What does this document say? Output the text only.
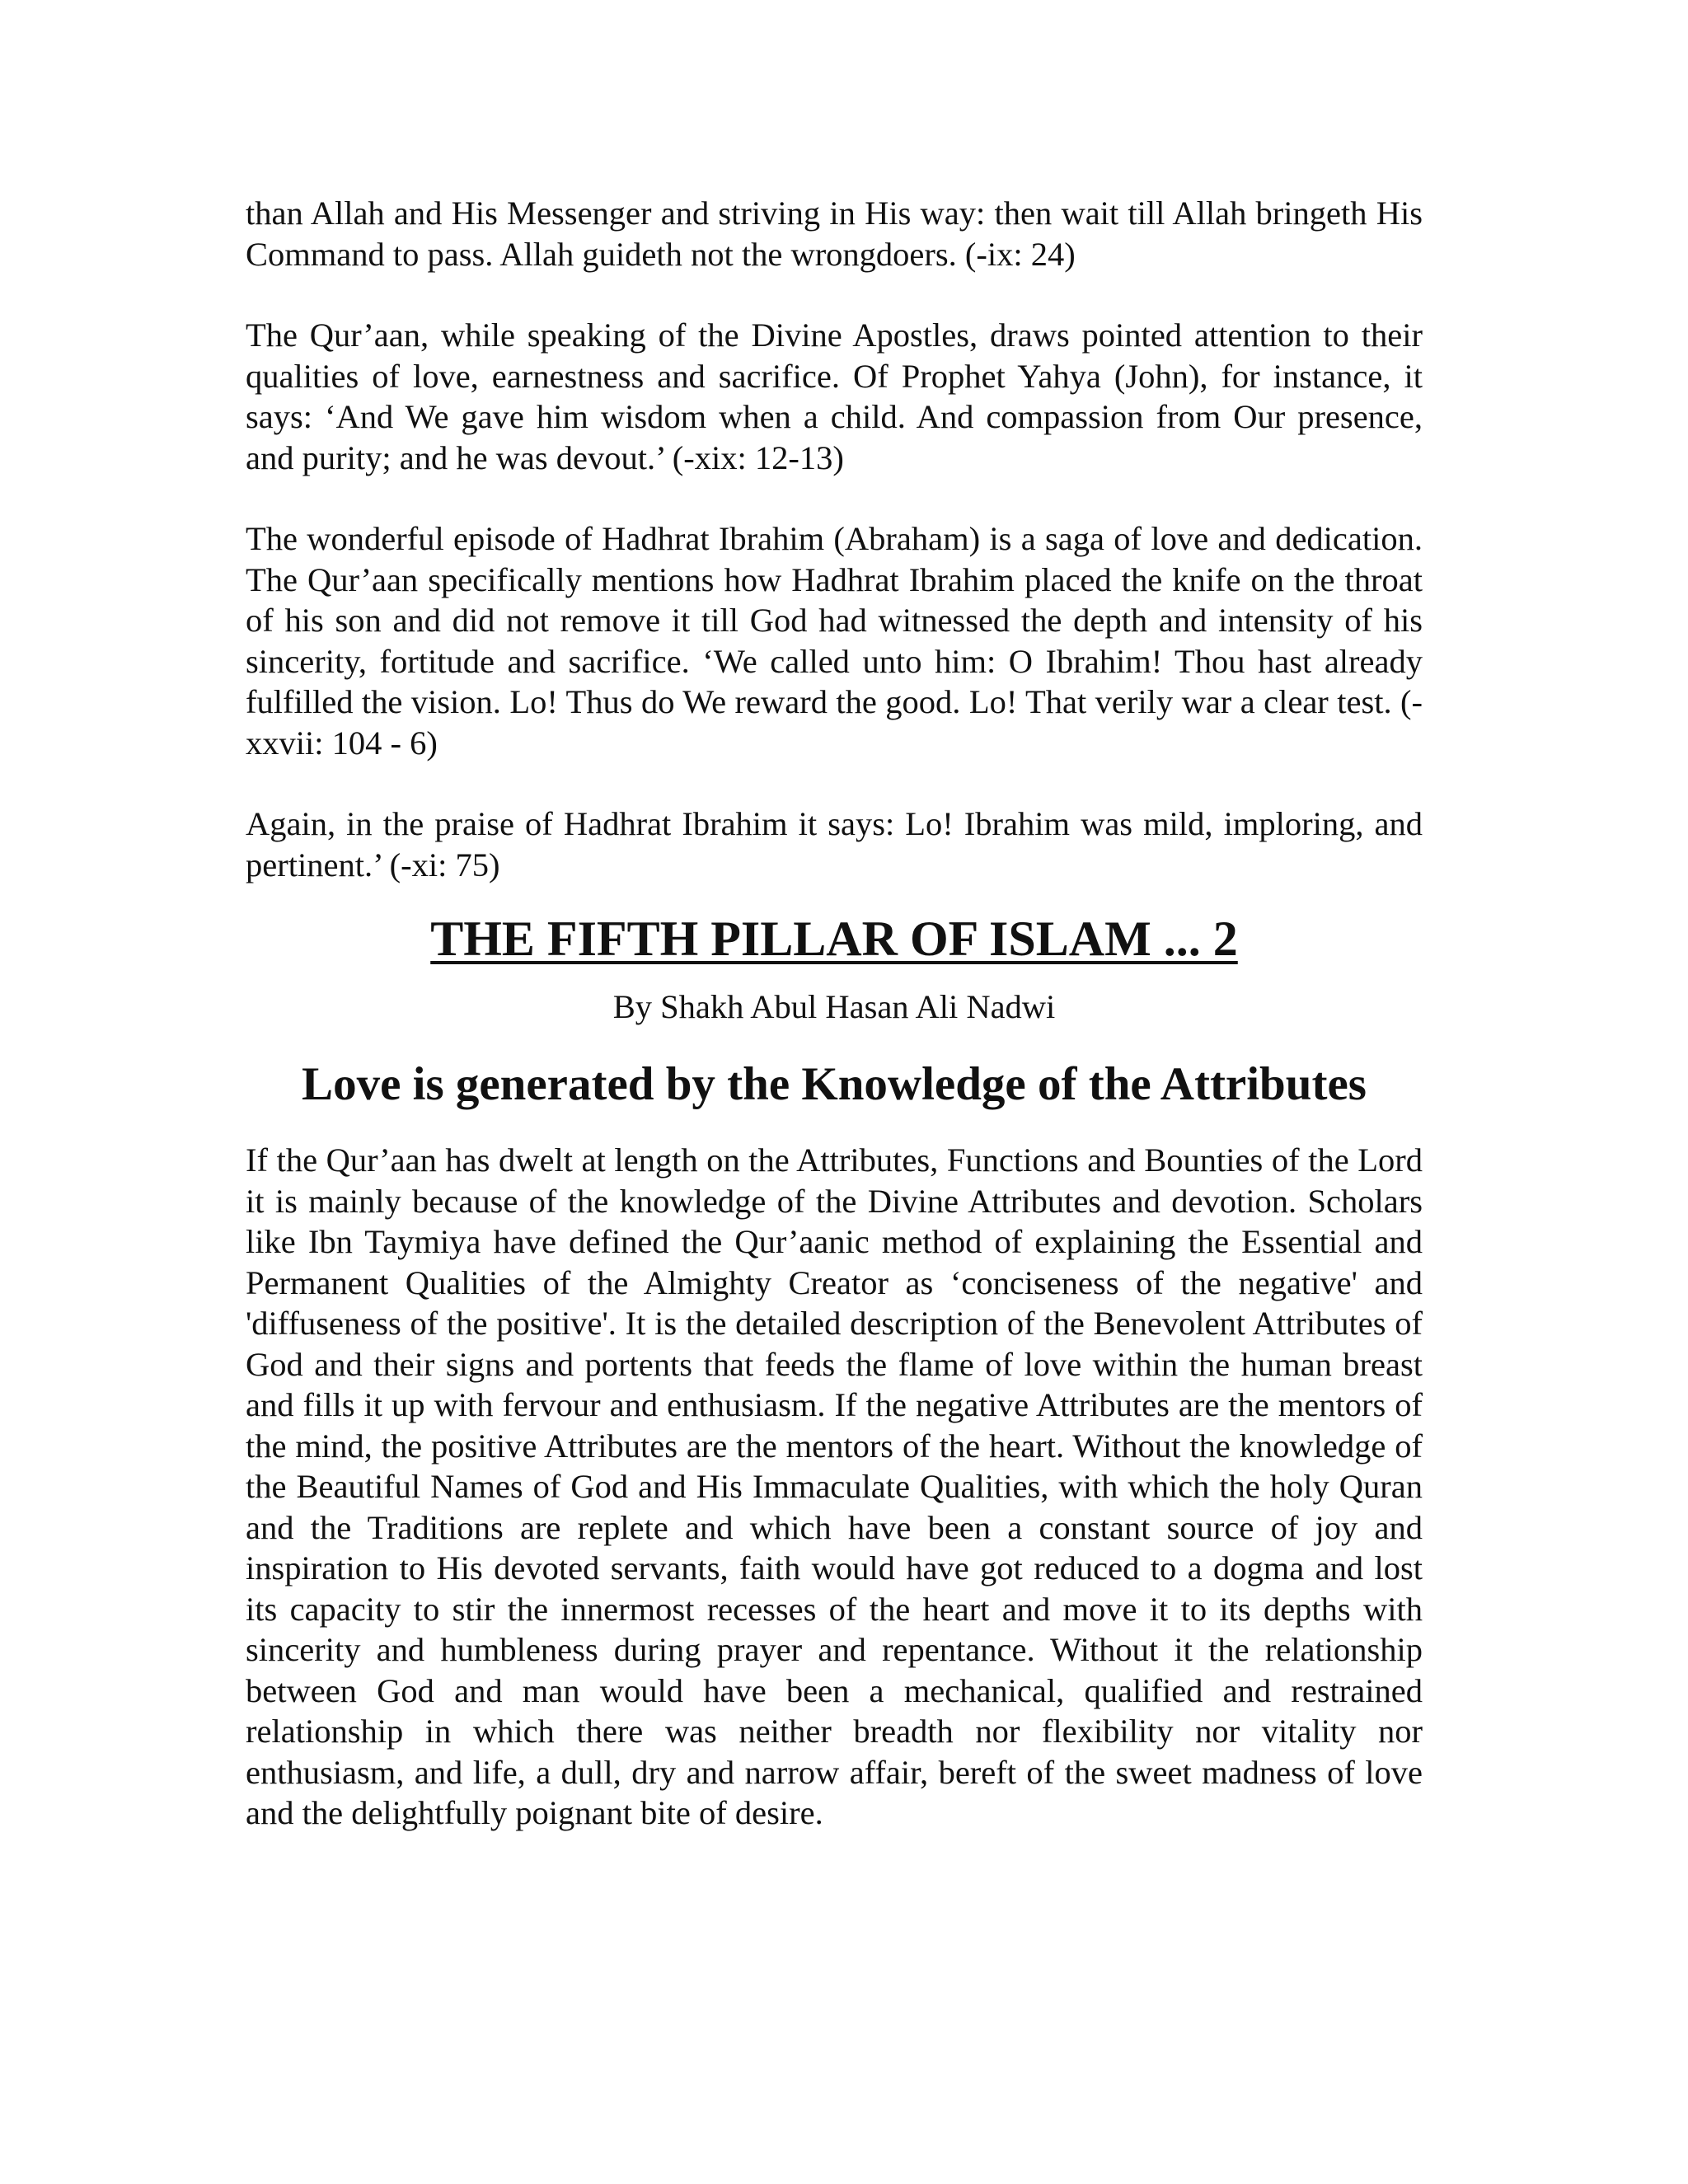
than Allah and His Messenger and striving in His way: then wait till Allah bringeth His Command to pass. Allah guideth not the wrongdoers. (-ix: 24)

The Qur’aan, while speaking of the Divine Apostles, draws pointed attention to their qualities of love, earnestness and sacrifice. Of Prophet Yahya (John), for instance, it says: ‘And We gave him wisdom when a child. And compassion from Our presence, and purity; and he was devout.’ (-xix: 12-13)

The wonderful episode of Hadhrat Ibrahim (Abraham) is a saga of love and dedication. The Qur’aan specifically mentions how Hadhrat Ibrahim placed the knife on the throat of his son and did not remove it till God had witnessed the depth and intensity of his sincerity, fortitude and sacrifice. ‘We called unto him: O Ibrahim! Thou hast already fulfilled the vision. Lo! Thus do We reward the good. Lo! That verily war a clear test. (-xxvii: 104 - 6)

Again, in the praise of Hadhrat Ibrahim it says: Lo! Ibrahim was mild, imploring, and pertinent.’ (-xi: 75)

THE FIFTH PILLAR OF ISLAM ... 2
By Shakh Abul Hasan Ali Nadwi
Love is generated by the Knowledge of the Attributes

If the Qur’aan has dwelt at length on the Attributes, Functions and Bounties of the Lord it is mainly because of the knowledge of the Divine Attributes and devotion. Scholars like Ibn Taymiya have defined the Qur’aanic method of explaining the Essential and Permanent Qualities of the Almighty Creator as ‘conciseness of the negative' and 'diffuseness of the positive'. It is the detailed description of the Benevolent Attributes of God and their signs and portents that feeds the flame of love within the human breast and fills it up with fervour and enthusiasm. If the negative Attributes are the mentors of the mind, the positive Attributes are the mentors of the heart. Without the knowledge of the Beautiful Names of God and His Immaculate Qualities, with which the holy Quran and the Traditions are replete and which have been a constant source of joy and inspiration to His devoted servants, faith would have got reduced to a dogma and lost its capacity to stir the innermost recesses of the heart and move it to its depths with sincerity and humbleness during prayer and repentance. Without it the relationship between God and man would have been a mechanical, qualified and restrained relationship in which there was neither breadth nor flexibility nor vitality nor enthusiasm, and life, a dull, dry and narrow affair, bereft of the sweet madness of love and the delightfully poignant bite of desire.
